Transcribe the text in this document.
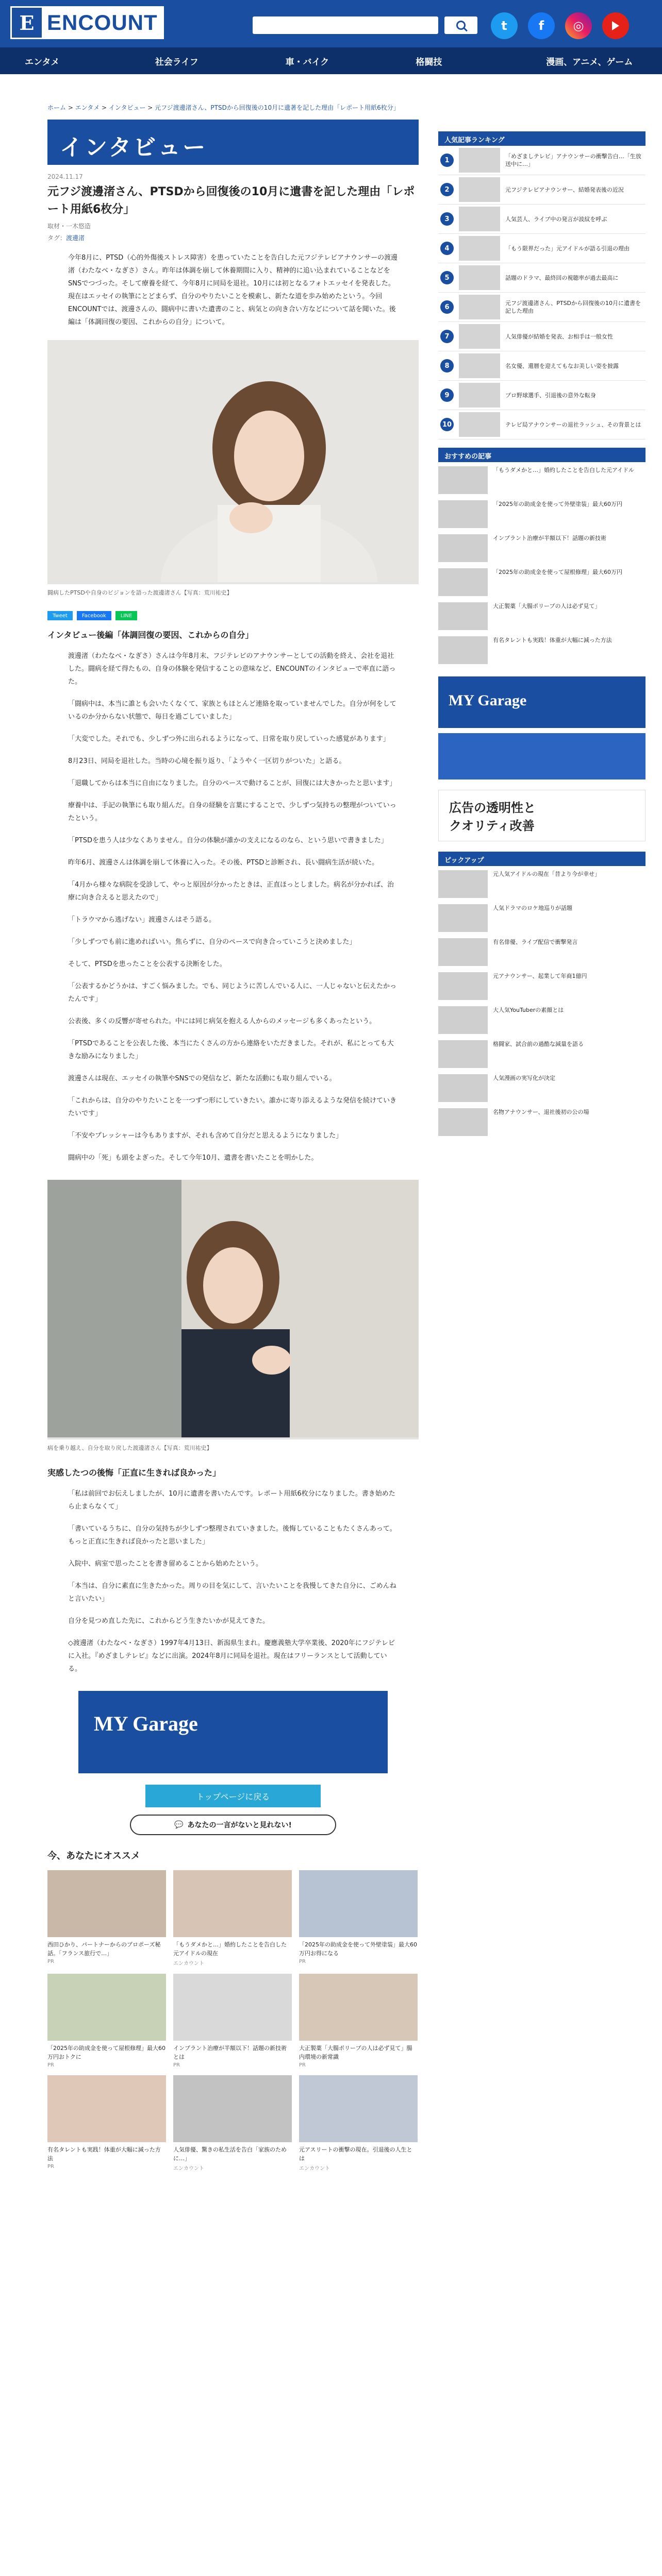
E ENCOUNT	t	f	◎
エンタメ	社会ライフ	車・バイク	格闘技	漫画、アニメ、ゲーム
ホーム > エンタメ > インタビュー > 元フジ渡邊渚さん、PTSDから回復後の10月に遺著を記した理由「レポート用紙6枚分」
インタビュー
2024.11.17
元フジ渡邊渚さん、PTSDから回復後の10月に遺書を記した理由「レポート用紙6枚分」
取材・一木悠造
タグ：渡邊渚

今年8月に、PTSD（心的外傷後ストレス障害）を患っていたことを告白した元フジテレビアナウンサーの渡邊渚（わたなべ・なぎさ）さん。昨年は体調を崩して休養期間に入り、精神的に追い込まれていることなどをSNSでつづった。そして療養を経て、今年8月に同局を退社。10月には初となるフォトエッセイを発表した。現在はエッセイの執筆にとどまらず、自分のやりたいことを模索し、新たな道を歩み始めたという。今回ENCOUNTでは、渡邊さんの、闘病中に書いた遺書のこと、病気との向き合い方などについて話を聞いた。後編は「体調回復の要因、これからの自分」について。

闘病したPTSDや自身のビジョンを語った渡邊渚さん【写真：荒川祐史】
Tweet	Facebook	LINE
インタビュー後編「体調回復の要因、これからの自分」

渡邊渚（わたなべ・なぎさ）さんは今年8月末、フジテレビのアナウンサーとしての活動を終え、会社を退社した。闘病を経て得たもの、自身の体験を発信することの意味など、ENCOUNTのインタビューで率直に語った。

「闘病中は、本当に誰とも会いたくなくて、家族ともほとんど連絡を取っていませんでした。自分が何をしているのか分からない状態で、毎日を過ごしていました」

「大変でした。それでも、少しずつ外に出られるようになって、日常を取り戻していった感覚があります」

8月23日、同局を退社した。当時の心境を振り返り、「ようやく一区切りがついた」と語る。

「退職してからは本当に自由になりました。自分のペースで動けることが、回復には大きかったと思います」

療養中は、手記の執筆にも取り組んだ。自身の経験を言葉にすることで、少しずつ気持ちの整理がついていったという。

「PTSDを患う人は少なくありません。自分の体験が誰かの支えになるのなら、という思いで書きました」

昨年6月、渡邊さんは体調を崩して休養に入った。その後、PTSDと診断され、長い闘病生活が続いた。

「4月から様々な病院を受診して、やっと原因が分かったときは、正直ほっとしました。病名が分かれば、治療に向き合えると思えたので」

「トラウマから逃げない」渡邊さんはそう語る。

「少しずつでも前に進めればいい。焦らずに、自分のペースで向き合っていこうと決めました」

そして、PTSDを患ったことを公表する決断をした。

「公表するかどうかは、すごく悩みました。でも、同じように苦しんでいる人に、一人じゃないと伝えたかったんです」

公表後、多くの反響が寄せられた。中には同じ病気を抱える人からのメッセージも多くあったという。

「PTSDであることを公表した後、本当にたくさんの方から連絡をいただきました。それが、私にとっても大きな励みになりました」

渡邊さんは現在、エッセイの執筆やSNSでの発信など、新たな活動にも取り組んでいる。

「これからは、自分のやりたいことを一つずつ形にしていきたい。誰かに寄り添えるような発信を続けていきたいです」

「不安やプレッシャーは今もありますが、それも含めて自分だと思えるようになりました」

闘病中の「死」も頭をよぎった。そして今年10月、遺書を書いたことを明かした。

病を乗り越え、自分を取り戻した渡邊渚さん【写真：荒川祐史】
実感したつの後悔「正直に生きれば良かった」

「私は前回でお伝えしましたが、10月に遺書を書いたんです。レポート用紙6枚分になりました。書き始めたら止まらなくて」

「書いているうちに、自分の気持ちが少しずつ整理されていきました。後悔していることもたくさんあって。もっと正直に生きれば良かったと思いました」

入院中、病室で思ったことを書き留めることから始めたという。

「本当は、自分に素直に生きたかった。周りの目を気にして、言いたいことを我慢してきた自分に、ごめんねと言いたい」

自分を見つめ直した先に、これからどう生きたいかが見えてきた。

◇渡邊渚（わたなべ・なぎさ）1997年4月13日、新潟県生まれ。慶應義塾大学卒業後、2020年にフジテレビに入社。『めざましテレビ』などに出演。2024年8月に同局を退社。現在はフリーランスとして活動している。

MY Garage
トップページに戻る
💬 あなたの一言がないと見れない!
今、あなたにオススメ
西田ひかり、パートナーからのプロポーズ秘話。「フランス旅行で…」
PR
「もうダメかと…」婚約したことを告白した元アイドルの現在
エンカウント
「2025年の助成金を使って外壁塗装」最大60万円お得になる
PR
「2025年の助成金を使って屋根修理」最大60万円おトクに
PR
インプラント治療が半額以下！話題の新技術とは
PR
大正製薬「大腸ポリープの人は必ず見て」腸内環境の新常識
PR
有名タレントも実践！体重が大幅に減った方法
PR
人気俳優、驚きの私生活を告白「家族のために…」
エンカウント
元アスリートの衝撃の現在。引退後の人生とは
エンカウント
人気記事ランキング
1	「めざましテレビ」アナウンサーの衝撃告白…「生放送中に…」
2	元フジテレビアナウンサー、結婚発表後の近況
3	人気芸人、ライブ中の発言が波紋を呼ぶ
4	「もう限界だった」元アイドルが語る引退の理由
5	話題のドラマ、最終回の視聴率が過去最高に
6	元フジ渡邊渚さん、PTSDから回復後の10月に遺書を記した理由
7	人気俳優が結婚を発表、お相手は一般女性
8	名女優、還暦を迎えてもなお美しい姿を披露
9	プロ野球選手、引退後の意外な転身
10	テレビ局アナウンサーの退社ラッシュ、その背景とは
おすすめの記事
「もうダメかと…」婚約したことを告白した元アイドル
「2025年の助成金を使って外壁塗装」最大60万円
インプラント治療が半額以下！話題の新技術
「2025年の助成金を使って屋根修理」最大60万円
大正製薬「大腸ポリープの人は必ず見て」
有名タレントも実践！体重が大幅に減った方法
MY Garage
広告の透明性と
クオリティ改善
ピックアップ
元人気アイドルの現在「昔より今が幸せ」
人気ドラマのロケ地巡りが話題
有名俳優、ライブ配信で衝撃発言
元アナウンサー、起業して年商1億円
大人気YouTuberの素顔とは
格闘家、試合前の過酷な減量を語る
人気漫画の実写化が決定
名物アナウンサー、退社後初の公の場
